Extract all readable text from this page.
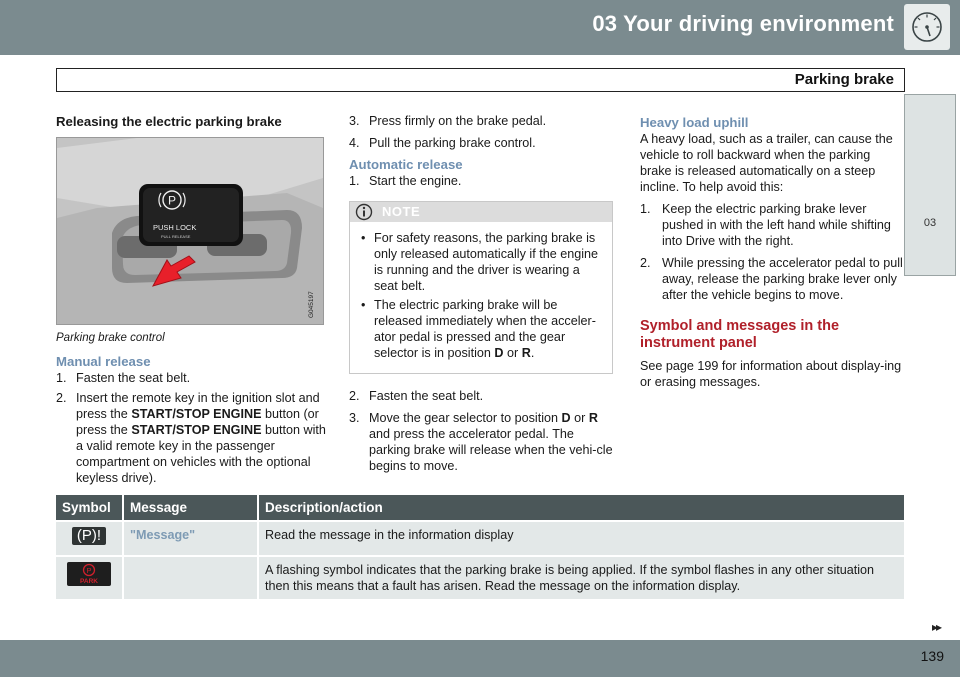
03 Your driving environment
Parking brake
03

Releasing the electric parking brake

P
PUSH LOCK
PULL RELEASE
G045197

Parking brake control

Manual release

1. Fasten the seat belt.
2. Insert the remote key in the ignition slot and press the START/STOP ENGINE button (or press the START/STOP ENGINE button with a valid remote key in the passenger compartment on vehicles with the optional keyless drive).
3. Press firmly on the brake pedal.
4. Pull the parking brake control.

Automatic release

1. Start the engine.
NOTE
• For safety reasons, the parking brake is only released automatically if the engine is running and the driver is wearing a seat belt.
• The electric parking brake will be released immediately when the acceler-ator pedal is pressed and the gear selector is in position D or R.
2. Fasten the seat belt.
3. Move the gear selector to position D or R and press the accelerator pedal. The parking brake will release when the vehi-cle begins to move.

Heavy load uphill

A heavy load, such as a trailer, can cause the vehicle to roll backward when the parking brake is released automatically on a steep incline. To help avoid this:

1. Keep the electric parking brake lever pushed in with the left hand while shifting into Drive with the right.
2. While pressing the accelerator pedal to pull away, release the parking brake lever only after the vehicle begins to move.

Symbol and messages in the instrument panel

See page 199 for information about display-ing or erasing messages.

Symbol	Message	Description/action
(P)!	"Message"	Read the message in the information display

P
PARK		A flashing symbol indicates that the parking brake is being applied. If the symbol flashes in any other situation then this means that a fault has arisen. Read the message on the information display.
▸▸
139
